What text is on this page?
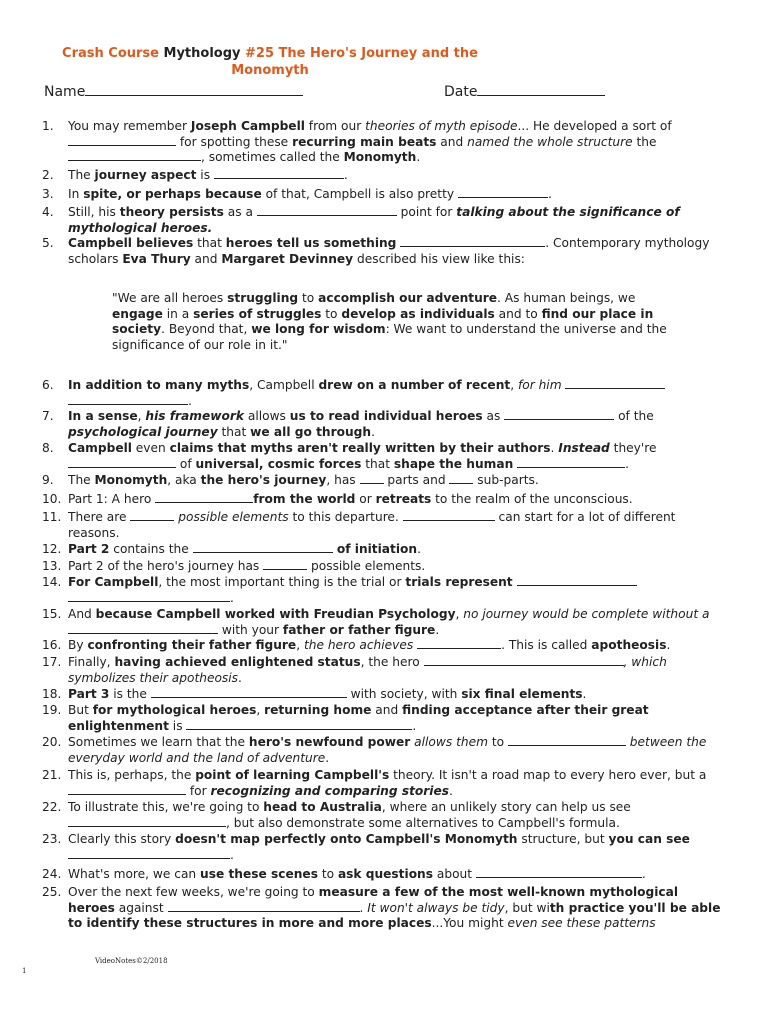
Crash Course Mythology #25 The Hero's Journey and the
Monomyth
Name	Date
1.	You may remember Joseph Campbell from our theories of myth episode... He developed a sort of
for spotting these recurring main beats and named the whole structure the
, sometimes called the Monomyth.
2.	The journey aspect is	.
3.	In spite, or perhaps because of that, Campbell is also pretty	.
4.	Still, his theory persists as a	point for talking about the significance of mythological heroes.
5.	Campbell believes that heroes tell us something	. Contemporary mythology scholars Eva Thury and Margaret Devinney described his view like this:
6.	In addition to many myths, Campbell drew on a number of recent, for him
.
7.	In a sense, his framework allows us to read individual heroes as	of the
psychological journey that we all go through.
8.	Campbell even claims that myths aren't really written by their authors. Instead they're
of universal, cosmic forces that shape the human	.
9.	The Monomyth, aka the hero's journey, has  parts and  sub-parts.
10. Part 1: A hero	from the world or retreats to the realm of the unconscious.
11. There are	possible elements to this departure.	can start for a lot of different reasons.
12. Part 2 contains the	of initiation.
13. Part 2 of the hero's journey has	possible elements.
14. For Campbell, the most important thing is the trial or trials represent
.
15. And because Campbell worked with Freudian Psychology, no journey would be complete without a  with your father or father figure.
16. By confronting their father figure, the hero achieves	. This is called apotheosis.
17. Finally, having achieved enlightened status, the hero	, which symbolizes their apotheosis.
18. Part 3 is the	with society, with six final elements.
19. But for mythological heroes, returning home and finding acceptance after their great enlightenment is	.
20. Sometimes we learn that the hero's newfound power allows them to	between the everyday world and the land of adventure.
21. This is, perhaps, the point of learning Campbell's theory. It isn't a road map to every hero ever, but a  for recognizing and comparing stories.
22. To illustrate this, we're going to head to Australia, where an unlikely story can help us see
, but also demonstrate some alternatives to Campbell's formula.
23. Clearly this story doesn't map perfectly onto Campbell's Monomyth structure, but you can see
.
24. What's more, we can use these scenes to ask questions about	.
25. Over the next few weeks, we're going to measure a few of the most well-known mythological heroes against	. It won't always be tidy, but with practice you'll be able to identify these structures in more and more places...You might even see these patterns
"We are all heroes struggling to accomplish our adventure. As human beings, we engage in a series of struggles to develop as individuals and to find our place in society. Beyond that, we long for wisdom: We want to understand the universe and the significance of our role in it."
VideoNotes©2/2018
1
